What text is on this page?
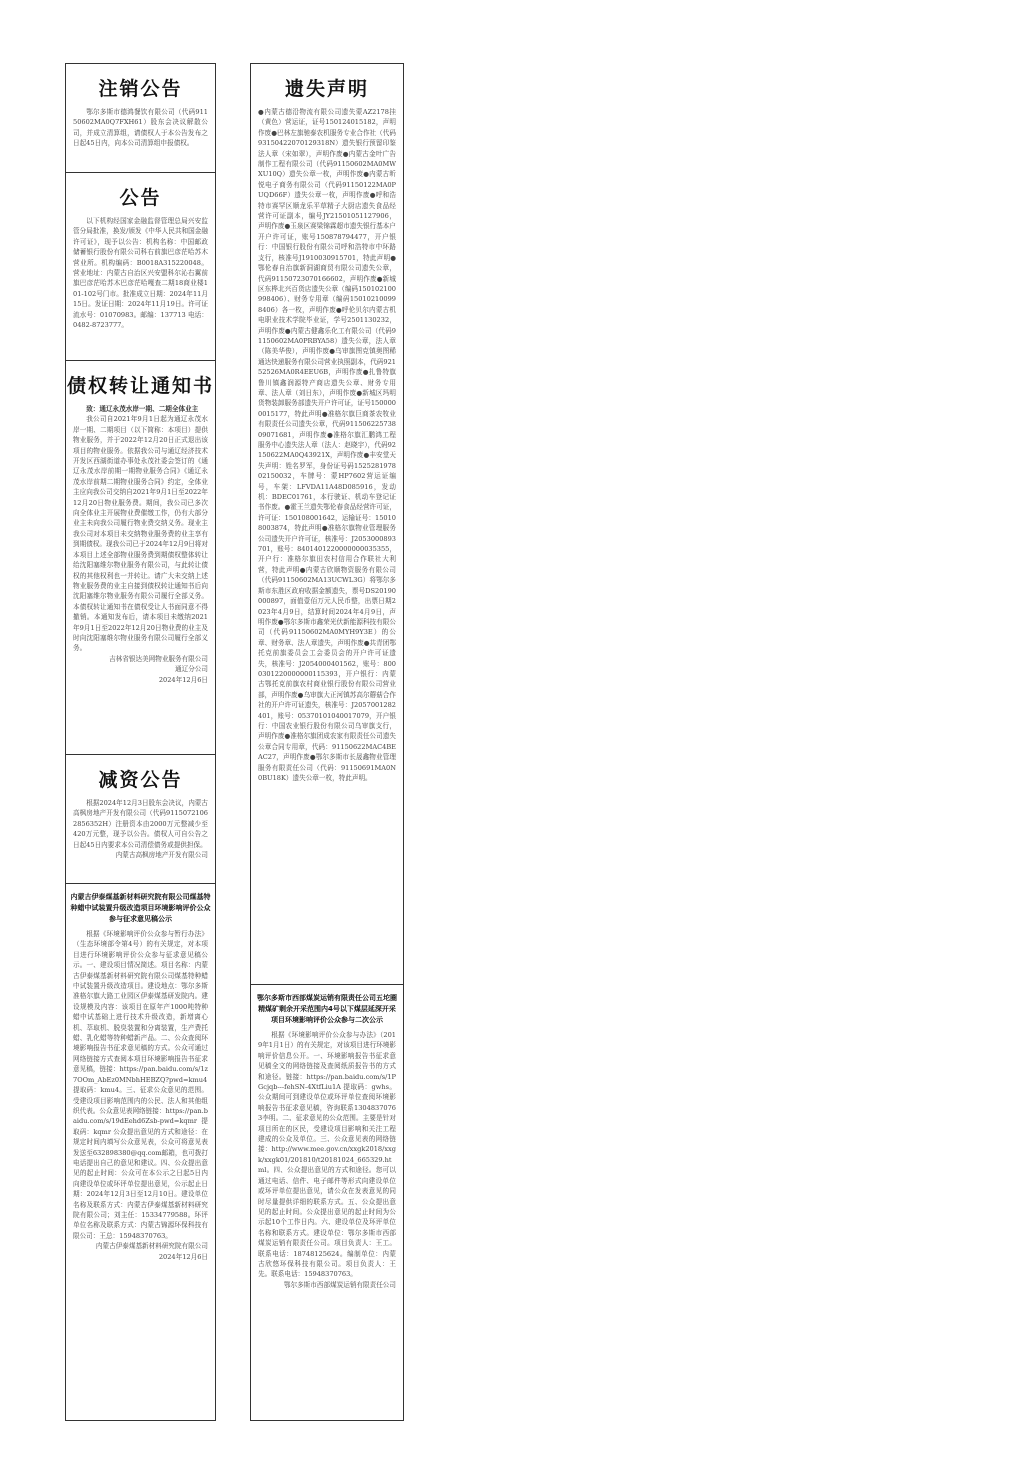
注销公告

鄂尔多斯市德鸿餐饮有限公司（代码91150602MA0Q7FXH61）股东会决议解散公司，并成立清算组，请债权人于本公告发布之日起45日内，向本公司清算组申报债权。

公告

以下机构经国家金融监督管理总局兴安监管分局批准，换发/颁发《中华人民共和国金融许可证》，现予以公告：机构名称：中国邮政储蓄银行股份有限公司科右前旗巴彦茫哈苏木营业所。机构编码：B0018A315220048。营业地址：内蒙古自治区兴安盟科尔沁右翼前旗巴彦茫哈苏木巴彦茫哈嘎查二期18商业楼101-102号门市。批准成立日期：2024年11月15日。发证日期：2024年11月19日。许可证流水号：01070983。邮编：137713 电话：0482-8723777。

债权转让通知书

致：通辽永茂水岸一期、二期全体业主

我公司自2021年9月1日起为通辽永茂水岸一期、二期项目（以下简称：本项目）提供物业服务，并于2022年12月20日正式退出该项目的物业服务。依据我公司与通辽经济技术开发区西湖街道办事处永茂社委会签订的《通辽永茂水岸前期一期物业服务合同》《通辽永茂水岸前期二期物业服务合同》约定，全体业主应向我公司交纳自2021年9月1日至2022年12月20日物业服务费。期间，我公司已多次向全体业主开展物业费催缴工作，仍有大部分业主未向我公司履行物业费交纳义务。现业主我公司对本项目未交纳物业服务费的业主享有到期债权。现我公司已于2024年12月9日将对本项目上述全部物业服务费到期债权整体转让给沈阳塞维尔物业服务有限公司，与此转让债权的其他权利也一并转让。请广大未交纳上述物业服务费的业主自接到债权转让通知书后向沈阳塞维尔物业服务有限公司履行全部义务。本债权转让通知书在债权受让人书面同意不得撤销。本通知发布后，请本项目未缴纳2021年9月1日至2022年12月20日物业费的业主及时向沈阳塞维尔物业服务有限公司履行全部义务。

吉林省银达美网物业服务有限公司
通辽分公司
2024年12月6日
减资公告

根据2024年12月3日股东会决议，内蒙古高枫房地产开发有限公司（代码91150721062856352H）注册资本由2000万元整减少至420万元整，现予以公告。债权人可自公告之日起45日内要求本公司清偿债务或提供担保。

内蒙古高枫房地产开发有限公司
内蒙古伊泰煤基新材料研究院有限公司煤基特种蜡中试装置升级改造项目环境影响评价公众参与征求意见稿公示

根据《环境影响评价公众参与暂行办法》（生态环境部令第4号）的有关规定，对本项目进行环境影响评价公众参与征求意见稿公示。一、建设项目情况简述。项目名称：内蒙古伊泰煤基新材料研究院有限公司煤基特种蜡中试装置升级改造项目。建设地点：鄂尔多斯准格尔旗大路工业园区伊泰煤基研发院内。建设规模及内容：该项目在原年产1000吨特种蜡中试基础上进行技术升级改造，新增离心机、萃取机、脱臭装置和分离装置，生产费托蜡、乳化蜡等特种蜡新产品。二、公众查阅环境影响报告书征求意见稿的方式。公众可通过网络链接方式查阅本项目环境影响报告书征求意见稿，链接：https://pan.baidu.com/s/1z7OOm_AbEz0MNbhHEBZQ?pwd=kmu4 提取码：kmu4。三、征求公众意见的范围。受建设项目影响范围内的公民、法人和其他组织代表。公众意见表网络链接：https://pan.baidu.com/s/19dEehd6Zsb-pwd=kqmr 提取码：kqmr 公众提出意见的方式和途径：在规定时间内填写公众意见表，公众可将意见表发送至632898380@qq.com邮箱，也可拨打电话提出自己的意见和建议。四、公众提出意见的起止时间：公众可在本公示之日起5日内向建设单位或环评单位提出意见，公示起止日期：2024年12月3日至12月10日。建设单位名称及联系方式：内蒙古伊泰煤基新材料研究院有限公司；刘主任：15334779588。环评单位名称及联系方式：内蒙古锦源环保科技有限公司：王总：15948370763。

内蒙古伊泰煤基新材料研究院有限公司
2024年12月6日
遗失声明

●内蒙古德沿物流有限公司遗失蒙AZ2178挂（黄色）营运证，证号150124015182，声明作废●巴林左旗驰泰农机服务专业合作社（代码93150422070129318N）遗失银行预留印鉴法人章（宋如翠），声明作废●内蒙古金叶广告制作工程有限公司（代码91150602MA0MWXU10Q）遗失公章一枚，声明作废●内蒙古昕悦电子商务有限公司（代码91150122MA0PUQD66F）遗失公章一枚，声明作废●呼和浩特市赛罕区顺龙乐平草精子大厨店遗失食品经营许可证副本，编号JY21501051127906，声明作废●玉泉区赛梁锦霖超市遗失银行基本户开户许可证，账号150878794477，开户银行：中国银行股份有限公司呼和浩特市中环路支行，核准号J1910030915701，特此声明●鄂伦春自治旗新洞湖商贸有限公司遗失公章，代码91150723070166602，声明作废●新城区东桦北兴百货店遗失公章（编码150102100998406）、财务专用章（编码150102100998406）各一枚，声明作废●呼伦贝尔内蒙古机电职业技术学院毕业证，学号2501130232，声明作废●内蒙古健鑫乐化工有限公司（代码91150602MA0PRBYA58）遗失公章，法人章（陈美华俊），声明作废●乌审旗图克镇奥图稀通达快递服务有限公司营业执照副本，代码92152526MA0R4EEU6B，声明作废●扎鲁特旗鲁川镇鑫润源特产商店遗失公章、财务专用章、法人章（刘日东），声明作废●新城区玛明货物装卸服务部遗失开户许可证，证号1500000015177，特此声明●准格尔旗巨商茶农牧业有限责任公司遗失公章，代码91150622573809071681，声明作废●准格尔旗汇鹏鸿工程服务中心遗失法人章（法人：赵晓宇），代码92150622MA0Q43921X，声明作废●丰安堂天失声明：姓名罗军，身份证号码152528197802150032，车牌号：蒙HP7602营运证编号，车架：LFVDA11A48D085916，发动机：BDEC01761，本行驶证、机动车登记证书作废。●霍王兰遗失鄂伦春食品经营许可证，许可证：150108001642，运输证号：150108003874，特此声明●准格尔旗物业管理服务公司遗失开户许可证，核准号：J2053000893701，账号：8401401220000000035355，开户行：准格尔旗田农村信用合作联社大利营，特此声明●内蒙古欣顺物资服务有限公司（代码91150602MA13UCWL3G）将鄂尔多斯市东胜区政府收据金额遗失，票号DS20190000897，面值壹佰万元人民币整，出票日期2023年4月9日，结算时间2024年4月9日，声明作废●鄂尔多斯市鑫荣光伏新能源科技有限公司（代码91150602MA0MYH9Y3E）的公章、财务章、法人章遗失，声明作废●共青团鄂托克前旗委员会工会委员会的开户许可证遗失，核准号：J2054000401562，账号：8000301220000000115393，开户银行：内蒙古鄂托克前旗农村商业银行股份有限公司营业部，声明作废●乌审旗大正河镇苏高尔蘑菇合作社的开户许可证遗失，核准号：J2057001282401，账号：05370101040017079，开户银行：中国农业银行股份有限公司乌审旗支行，声明作废●准格尔旗团成农家有限责任公司遗失公章合同专用章，代码：91150622MAC4BEAC27，声明作废●鄂尔多斯市长晟鑫物业管理服务有限责任公司（代码：91150691MA0N0BU18K）遗失公章一枚，特此声明。

鄂尔多斯市西部煤炭运销有限责任公司五坨圈精煤矿剩余开采范围内4号以下煤层延深开采项目环境影响评价公众参与二次公示

根据《环境影响评价公众参与办法》（2019年1月1日）的有关规定，对该项目进行环境影响评价信息公开。一、环境影响报告书征求意见稿全文的网络链接及查阅纸质报告书的方式和途径。链接：https://pan.baidu.com/s/1PGcjqb---fehSN-4XtfLiu1A 提取码：gwhs。公众期间可到建设单位或环评单位查阅环境影响报告书征求意见稿，咨询联系13048370763李明。二、征求意见的公众范围。主要是针对项目所在的区民，受建设项目影响和关注工程建成的公众及单位。三、公众意见表的网络链接：http://www.mee.gov.cn/xxgk2018/xxgk/xxgk01/201810/t20181024_665329.html。四、公众提出意见的方式和途径。您可以通过电话、信件、电子邮件等形式向建设单位或环评单位提出意见，请公众在发表意见的同时尽量提供详细的联系方式。五、公众提出意见的起止时间。公众提出意见的起止时间为公示起10个工作日内。六、建设单位及环评单位名称和联系方式。建设单位：鄂尔多斯市西部煤炭运销有限责任公司。项目负责人：王工。联系电话：18748125624。编制单位：内蒙古欣悠环保科技有限公司。项目负责人：王先。联系电话：15948370763。

鄂尔多斯市西部煤炭运销有限责任公司
